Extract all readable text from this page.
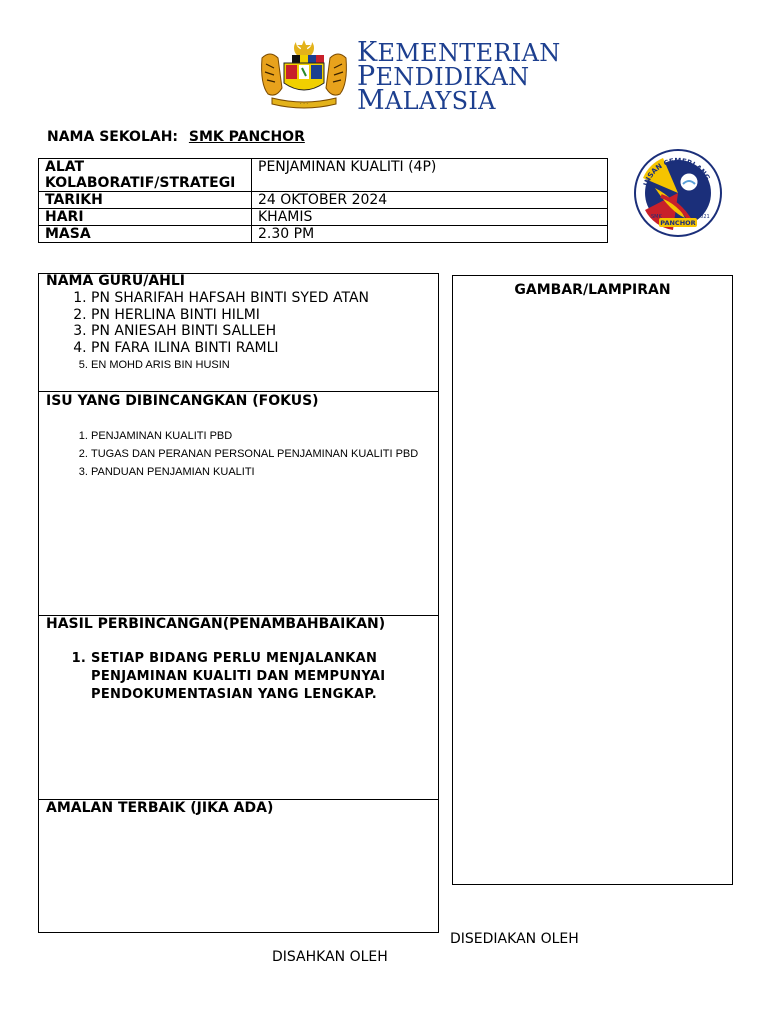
· · ·
KEMENTERIAN
PENDIDIKAN
MALAYSIA
NAMA SEKOLAH: SMK PANCHOR
ALAT KOLABORATIF/STRATEGI	PENJAMINAN KUALITI (4P)
TARIKH	24 OKTOBER 2024
HARI	KHAMIS
MASA	2.30 PM
INSAN CEMERLANG
PANCHOR
SMK	2021

NAMA GURU/AHLI

1. PN SHARIFAH HAFSAH BINTI SYED ATAN
2. PN HERLINA BINTI HILMI
3. PN ANIESAH BINTI SALLEH
4. PN FARA ILINA BINTI RAMLI
5. EN MOHD ARIS BIN HUSIN

ISU YANG DIBINCANGKAN (FOKUS)

1. PENJAMINAN KUALITI PBD
2. TUGAS DAN PERANAN PERSONAL PENJAMINAN KUALITI PBD
3. PANDUAN PENJAMIAN KUALITI

HASIL PERBINCANGAN(PENAMBAHBAIKAN)

1. SETIAP BIDANG PERLU MENJALANKAN PENJAMINAN KUALITI DAN MEMPUNYAI PENDOKUMENTASIAN YANG LENGKAP.

AMALAN TERBAIK (JIKA ADA)

GAMBAR/LAMPIRAN
DISEDIAKAN OLEH
DISAHKAN OLEH
